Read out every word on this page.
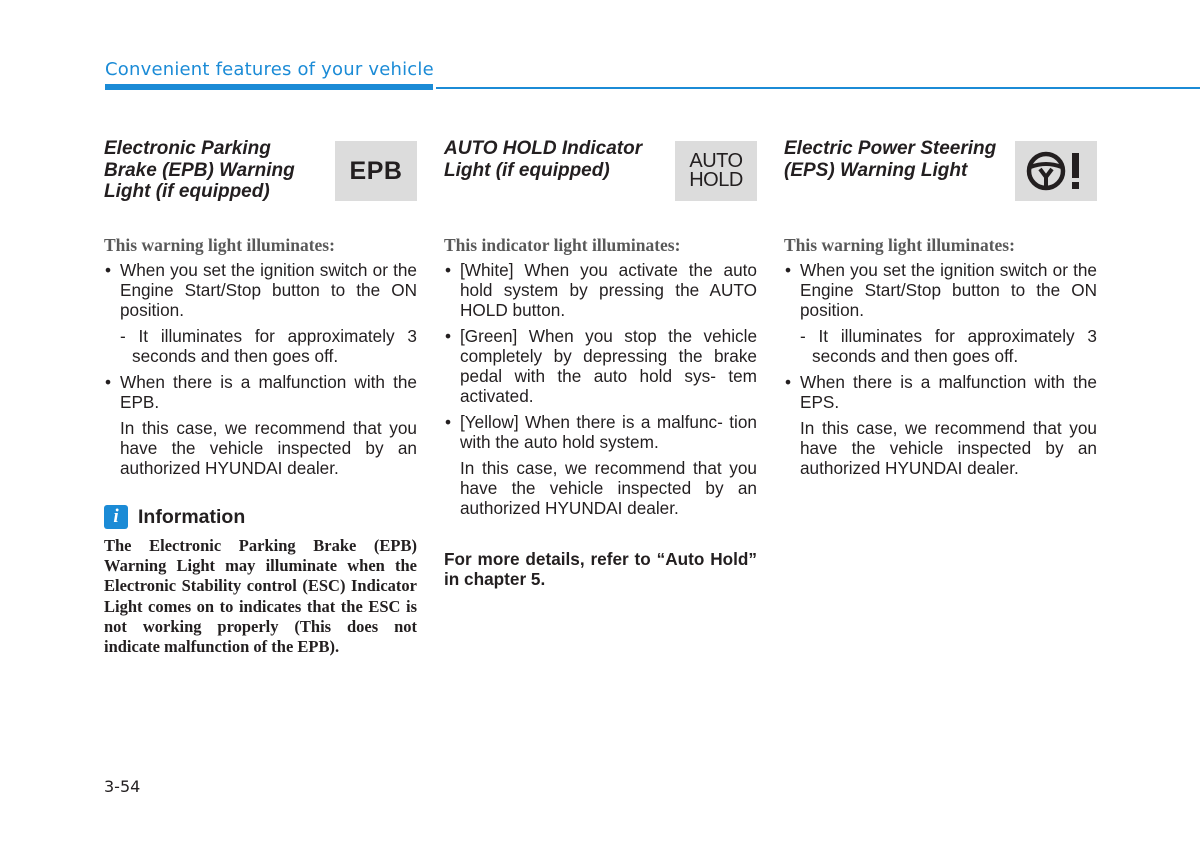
Convenient features of your vehicle
Electronic Parking Brake (EPB) Warning Light (if equipped)
EPB
This warning light illuminates:
• When you set the ignition switch or the Engine Start/Stop button to the ON position.
- It illuminates for approximately 3 seconds and then goes off.
• When there is a malfunction with the EPB.
In this case, we recommend that you have the vehicle inspected by an authorized HYUNDAI dealer.
i Information
The Electronic Parking Brake (EPB) Warning Light may illuminate when the Electronic Stability control (ESC) Indicator Light comes on to indicates that the ESC is not working properly (This does not indicate malfunction of the EPB).
AUTO HOLD Indicator Light (if equipped)	AUTO
HOLD
This indicator light illuminates:
• [White] When you activate the auto hold system by pressing the AUTO HOLD button.
• [Green] When you stop the vehicle completely by depressing the brake pedal with the auto hold sys- tem activated.
• [Yellow] When there is a malfunc- tion with the auto hold system.
In this case, we recommend that you have the vehicle inspected by an authorized HYUNDAI dealer.
For more details, refer to “Auto Hold” in chapter 5.
Electric Power Steering (EPS) Warning Light
This warning light illuminates:
• When you set the ignition switch or the Engine Start/Stop button to the ON position.
- It illuminates for approximately 3 seconds and then goes off.
• When there is a malfunction with the EPS.
In this case, we recommend that you have the vehicle inspected by an authorized HYUNDAI dealer.
3-54
